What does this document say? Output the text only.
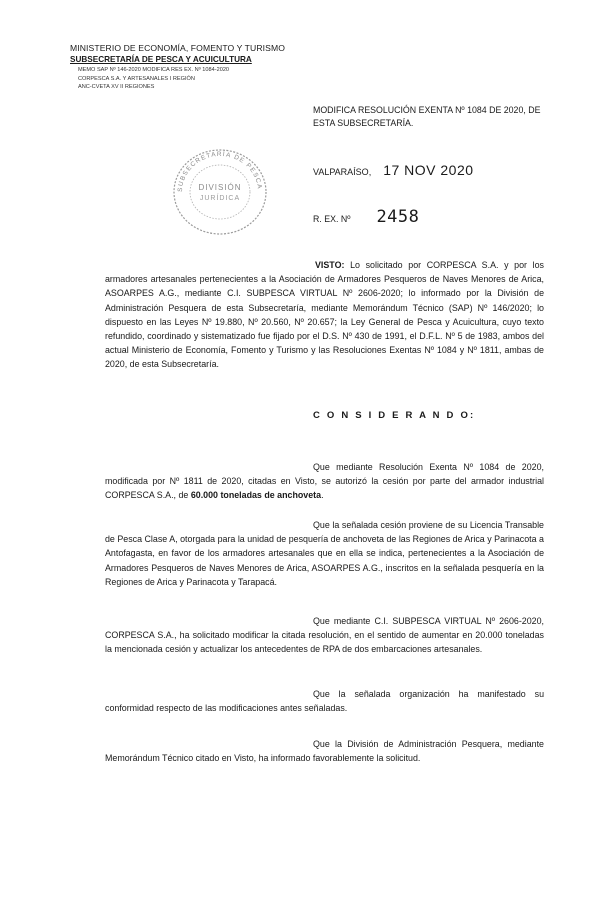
MINISTERIO DE ECONOMÍA, FOMENTO Y TURISMO
SUBSECRETARÍA DE PESCA Y ACUICULTURA
MEMO SAP Nº 146-2020 MODIFICA RES EX. Nº 1084-2020
CORPESCA S.A. Y ARTESANALES I REGIÓN
ANC-CVETA XV II REGIONES
MODIFICA RESOLUCIÓN EXENTA Nº 1084 DE 2020, DE ESTA SUBSECRETARÍA.
SUBSECRETARÍA DE PESCA
DIVISIÓN
JURÍDICA
VALPARAÍSO, 17 NOV 2020
R. EX. Nº 2458
VISTO: Lo solicitado por CORPESCA S.A. y por los armadores artesanales pertenecientes a la Asociación de Armadores Pesqueros de Naves Menores de Arica, ASOARPES A.G., mediante C.I. SUBPESCA VIRTUAL Nº 2606-2020; lo informado por la División de Administración Pesquera de esta Subsecretaría, mediante Memorándum Técnico (SAP) Nº 146/2020; lo dispuesto en las Leyes Nº 19.880, Nº 20.560, Nº 20.657; la Ley General de Pesca y Acuicultura, cuyo texto refundido, coordinado y sistematizado fue fijado por el D.S. Nº 430 de 1991, el D.F.L. Nº 5 de 1983, ambos del actual Ministerio de Economía, Fomento y Turismo y las Resoluciones Exentas Nº 1084 y Nº 1811, ambas de 2020, de esta Subsecretaría.
C O N S I D E R A N D O:
Que mediante Resolución Exenta Nº 1084 de 2020, modificada por Nº 1811 de 2020, citadas en Visto, se autorizó la cesión por parte del armador industrial CORPESCA S.A., de 60.000 toneladas de anchoveta.
Que la señalada cesión proviene de su Licencia Transable de Pesca Clase A, otorgada para la unidad de pesquería de anchoveta de las Regiones de Arica y Parinacota a Antofagasta, en favor de los armadores artesanales que en ella se indica, pertenecientes a la Asociación de Armadores Pesqueros de Naves Menores de Arica, ASOARPES A.G., inscritos en la señalada pesquería en la Regiones de Arica y Parinacota y Tarapacá.
Que mediante C.I. SUBPESCA VIRTUAL Nº 2606-2020, CORPESCA S.A., ha solicitado modificar la citada resolución, en el sentido de aumentar en 20.000 toneladas la mencionada cesión y actualizar los antecedentes de RPA de dos embarcaciones artesanales.
Que la señalada organización ha manifestado su conformidad respecto de las modificaciones antes señaladas.
Que la División de Administración Pesquera, mediante Memorándum Técnico citado en Visto, ha informado favorablemente la solicitud.
